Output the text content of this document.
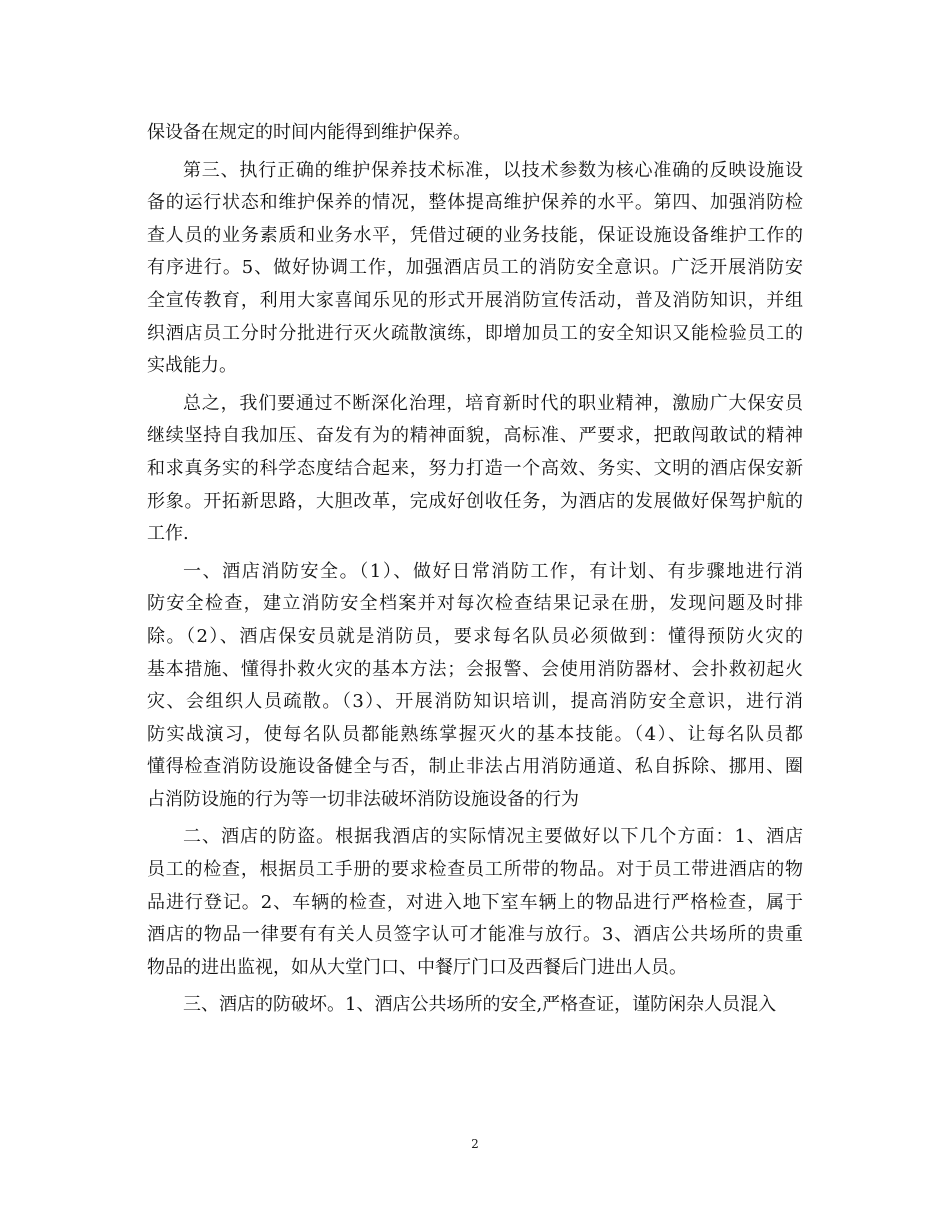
保设备在规定的时间内能得到维护保养。
第三、执行正确的维护保养技术标准，以技术参数为核心准确的反映设施设
备的运行状态和维护保养的情况，整体提高维护保养的水平。第四、加强消防检
查人员的业务素质和业务水平，凭借过硬的业务技能，保证设施设备维护工作的
有序进行。5、做好协调工作，加强酒店员工的消防安全意识。广泛开展消防安
全宣传教育，利用大家喜闻乐见的形式开展消防宣传活动，普及消防知识，并组
织酒店员工分时分批进行灭火疏散演练，即增加员工的安全知识又能检验员工的
实战能力。
总之，我们要通过不断深化治理，培育新时代的职业精神，激励广大保安员
继续坚持自我加压、奋发有为的精神面貌，高标准、严要求，把敢闯敢试的精神
和求真务实的科学态度结合起来，努力打造一个高效、务实、文明的酒店保安新
形象。开拓新思路，大胆改革，完成好创收任务，为酒店的发展做好保驾护航的
工作.
一、酒店消防安全。（1）、做好日常消防工作，有计划、有步骤地进行消
防安全检查，建立消防安全档案并对每次检查结果记录在册，发现问题及时排
除。（2）、酒店保安员就是消防员，要求每名队员必须做到：懂得预防火灾的
基本措施、懂得扑救火灾的基本方法；会报警、会使用消防器材、会扑救初起火
灾、会组织人员疏散。（3）、开展消防知识培训，提高消防安全意识，进行消
防实战演习，使每名队员都能熟练掌握灭火的基本技能。（4）、让每名队员都
懂得检查消防设施设备健全与否，制止非法占用消防通道、私自拆除、挪用、圈
占消防设施的行为等一切非法破坏消防设施设备的行为
二、酒店的防盗。根据我酒店的实际情况主要做好以下几个方面：1、酒店
员工的检查，根据员工手册的要求检查员工所带的物品。对于员工带进酒店的物
品进行登记。2、车辆的检查，对进入地下室车辆上的物品进行严格检查，属于
酒店的物品一律要有有关人员签字认可才能准与放行。3、酒店公共场所的贵重
物品的进出监视，如从大堂门口、中餐厅门口及西餐后门进出人员。
三、酒店的防破坏。1、酒店公共场所的安全,严格查证，谨防闲杂人员混入
2
